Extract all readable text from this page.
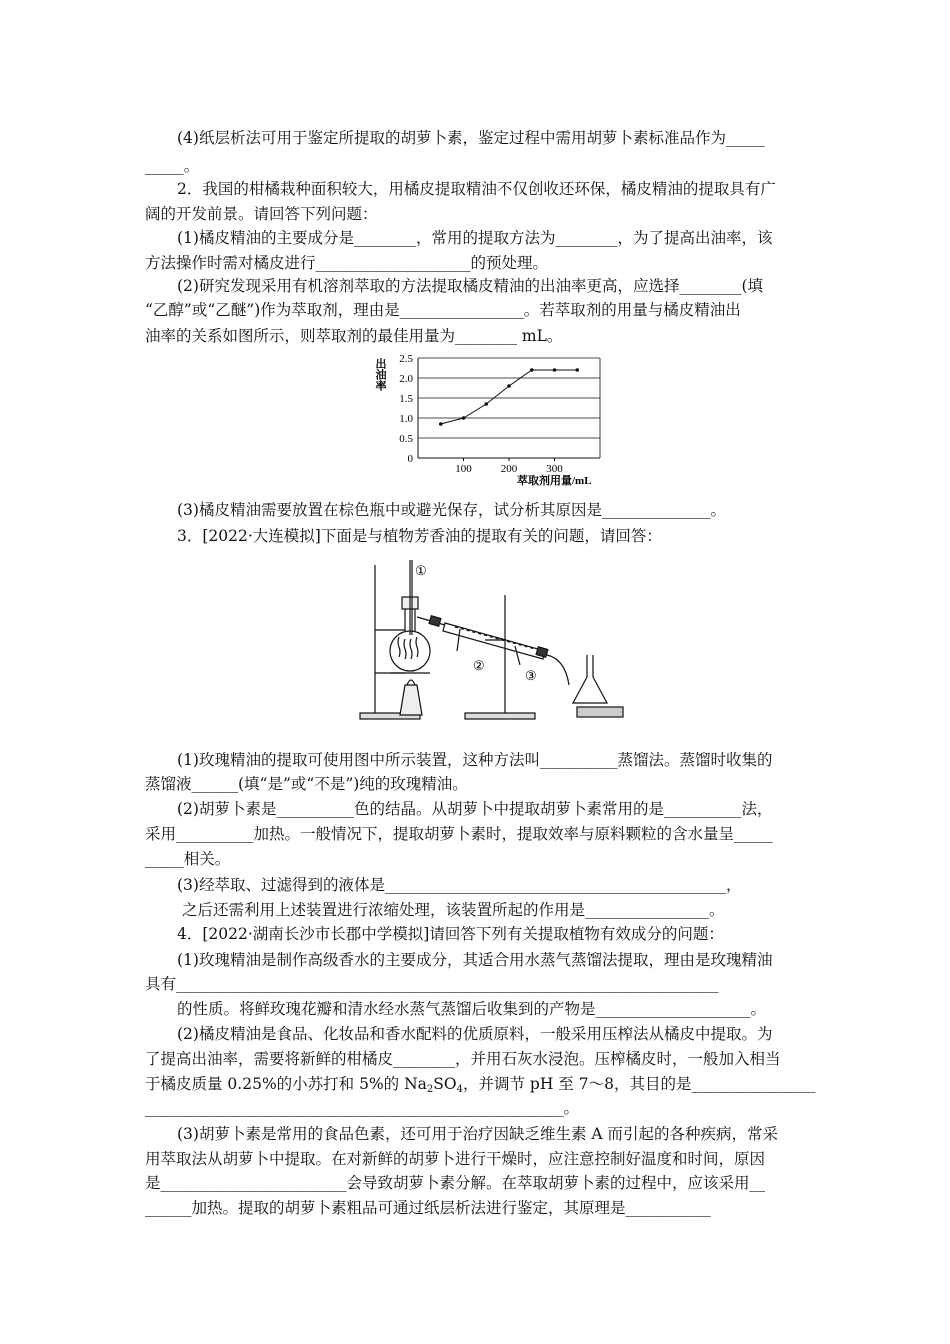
(4)纸层析法可用于鉴定所提取的胡萝卜素，鉴定过程中需用胡萝卜素标准品作为_____
_____。
2．我国的柑橘栽种面积较大，用橘皮提取精油不仅创收还环保，橘皮精油的提取具有广
阔的开发前景。请回答下列问题：
(1)橘皮精油的主要成分是________，常用的提取方法为________，为了提高出油率，该
方法操作时需对橘皮进行____________________的预处理。
(2)研究发现采用有机溶剂萃取的方法提取橘皮精油的出油率更高，应选择________(填
“乙醇”或“乙醚”)作为萃取剂，理由是________________。若萃取剂的用量与橘皮精油出
油率的关系如图所示，则萃取剂的最佳用量为________ mL。
0
0.5
1.0
1.5
2.0
2.5
100	200	300
出油率
萃取剂用量/mL
(3)橘皮精油需要放置在棕色瓶中或避光保存，试分析其原因是______________。
3．[2022·大连模拟]下面是与植物芳香油的提取有关的问题，请回答：
①
②
③
(1)玫瑰精油的提取可使用图中所示装置，这种方法叫__________蒸馏法。蒸馏时收集的
蒸馏液______(填“是”或“不是”)纯的玫瑰精油。
(2)胡萝卜素是__________色的结晶。从胡萝卜中提取胡萝卜素常用的是__________法，
采用__________加热。一般情况下，提取胡萝卜素时，提取效率与原料颗粒的含水量呈_____
_____相关。
(3)经萃取、过滤得到的液体是____________________________________________，
之后还需利用上述装置进行浓缩处理，该装置所起的作用是________________。
4．[2022·湖南长沙市长郡中学模拟]请回答下列有关提取植物有效成分的问题：
(1)玫瑰精油是制作高级香水的主要成分，其适合用水蒸气蒸馏法提取，理由是玫瑰精油
具有______________________________________________________________________
的性质。将鲜玫瑰花瓣和清水经水蒸气蒸馏后收集到的产物是____________________。
(2)橘皮精油是食品、化妆品和香水配料的优质原料，一般采用压榨法从橘皮中提取。为
了提高出油率，需要将新鲜的柑橘皮________，并用石灰水浸泡。压榨橘皮时，一般加入相当
于橘皮质量 0.25%的小苏打和 5%的 $Na_2SO_4$，并调节 pH 至 7～8，其目的是________________
______________________________________________________。
(3)胡萝卜素是常用的食品色素，还可用于治疗因缺乏维生素 A 而引起的各种疾病，常采
用萃取法从胡萝卜中提取。在对新鲜的胡萝卜进行干燥时，应注意控制好温度和时间，原因
是________________________会导致胡萝卜素分解。在萃取胡萝卜素的过程中，应该采用__
______加热。提取的胡萝卜素粗品可通过纸层析法进行鉴定，其原理是___________
